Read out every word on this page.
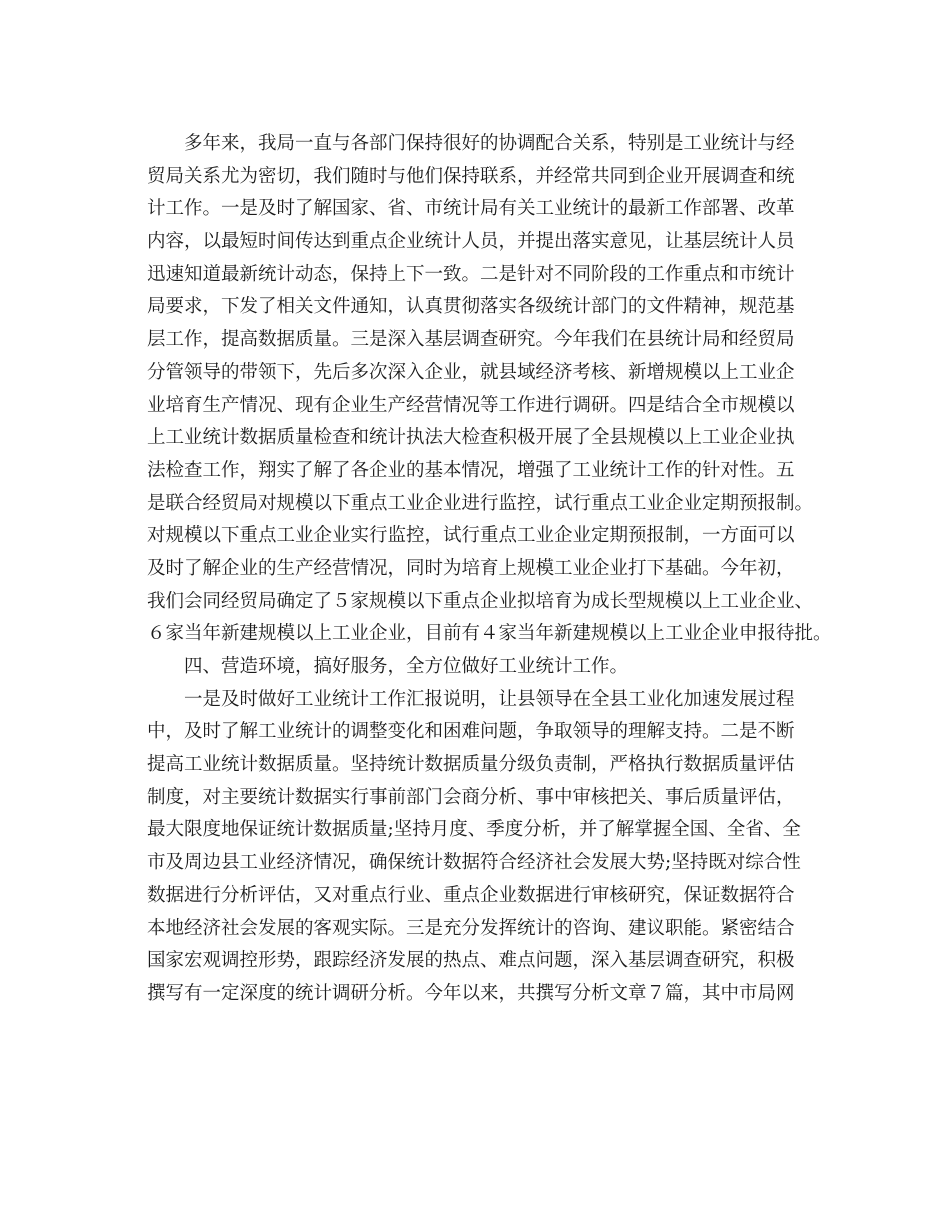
多年来，我局一直与各部门保持很好的协调配合关系，特别是工业统计与经
贸局关系尤为密切，我们随时与他们保持联系，并经常共同到企业开展调查和统
计工作。一是及时了解国家、省、市统计局有关工业统计的最新工作部署、改革
内容，以最短时间传达到重点企业统计人员，并提出落实意见，让基层统计人员
迅速知道最新统计动态，保持上下一致。二是针对不同阶段的工作重点和市统计
局要求，下发了相关文件通知，认真贯彻落实各级统计部门的文件精神，规范基
层工作，提高数据质量。三是深入基层调查研究。今年我们在县统计局和经贸局
分管领导的带领下，先后多次深入企业，就县域经济考核、新增规模以上工业企
业培育生产情况、现有企业生产经营情况等工作进行调研。四是结合全市规模以
上工业统计数据质量检查和统计执法大检查积极开展了全县规模以上工业企业执
法检查工作，翔实了解了各企业的基本情况，增强了工业统计工作的针对性。五
是联合经贸局对规模以下重点工业企业进行监控，试行重点工业企业定期预报制。
对规模以下重点工业企业实行监控，试行重点工业企业定期预报制，一方面可以
及时了解企业的生产经营情况，同时为培育上规模工业企业打下基础。今年初，
我们会同经贸局确定了５家规模以下重点企业拟培育为成长型规模以上工业企业、
６家当年新建规模以上工业企业，目前有４家当年新建规模以上工业企业申报待批。
四、营造环境，搞好服务，全方位做好工业统计工作。
一是及时做好工业统计工作汇报说明，让县领导在全县工业化加速发展过程
中，及时了解工业统计的调整变化和困难问题，争取领导的理解支持。二是不断
提高工业统计数据质量。坚持统计数据质量分级负责制，严格执行数据质量评估
制度，对主要统计数据实行事前部门会商分析、事中审核把关、事后质量评估，
最大限度地保证统计数据质量;坚持月度、季度分析，并了解掌握全国、全省、全
市及周边县工业经济情况，确保统计数据符合经济社会发展大势;坚持既对综合性
数据进行分析评估，又对重点行业、重点企业数据进行审核研究，保证数据符合
本地经济社会发展的客观实际。三是充分发挥统计的咨询、建议职能。紧密结合
国家宏观调控形势，跟踪经济发展的热点、难点问题，深入基层调查研究，积极
撰写有一定深度的统计调研分析。今年以来，共撰写分析文章７篇，其中市局网
